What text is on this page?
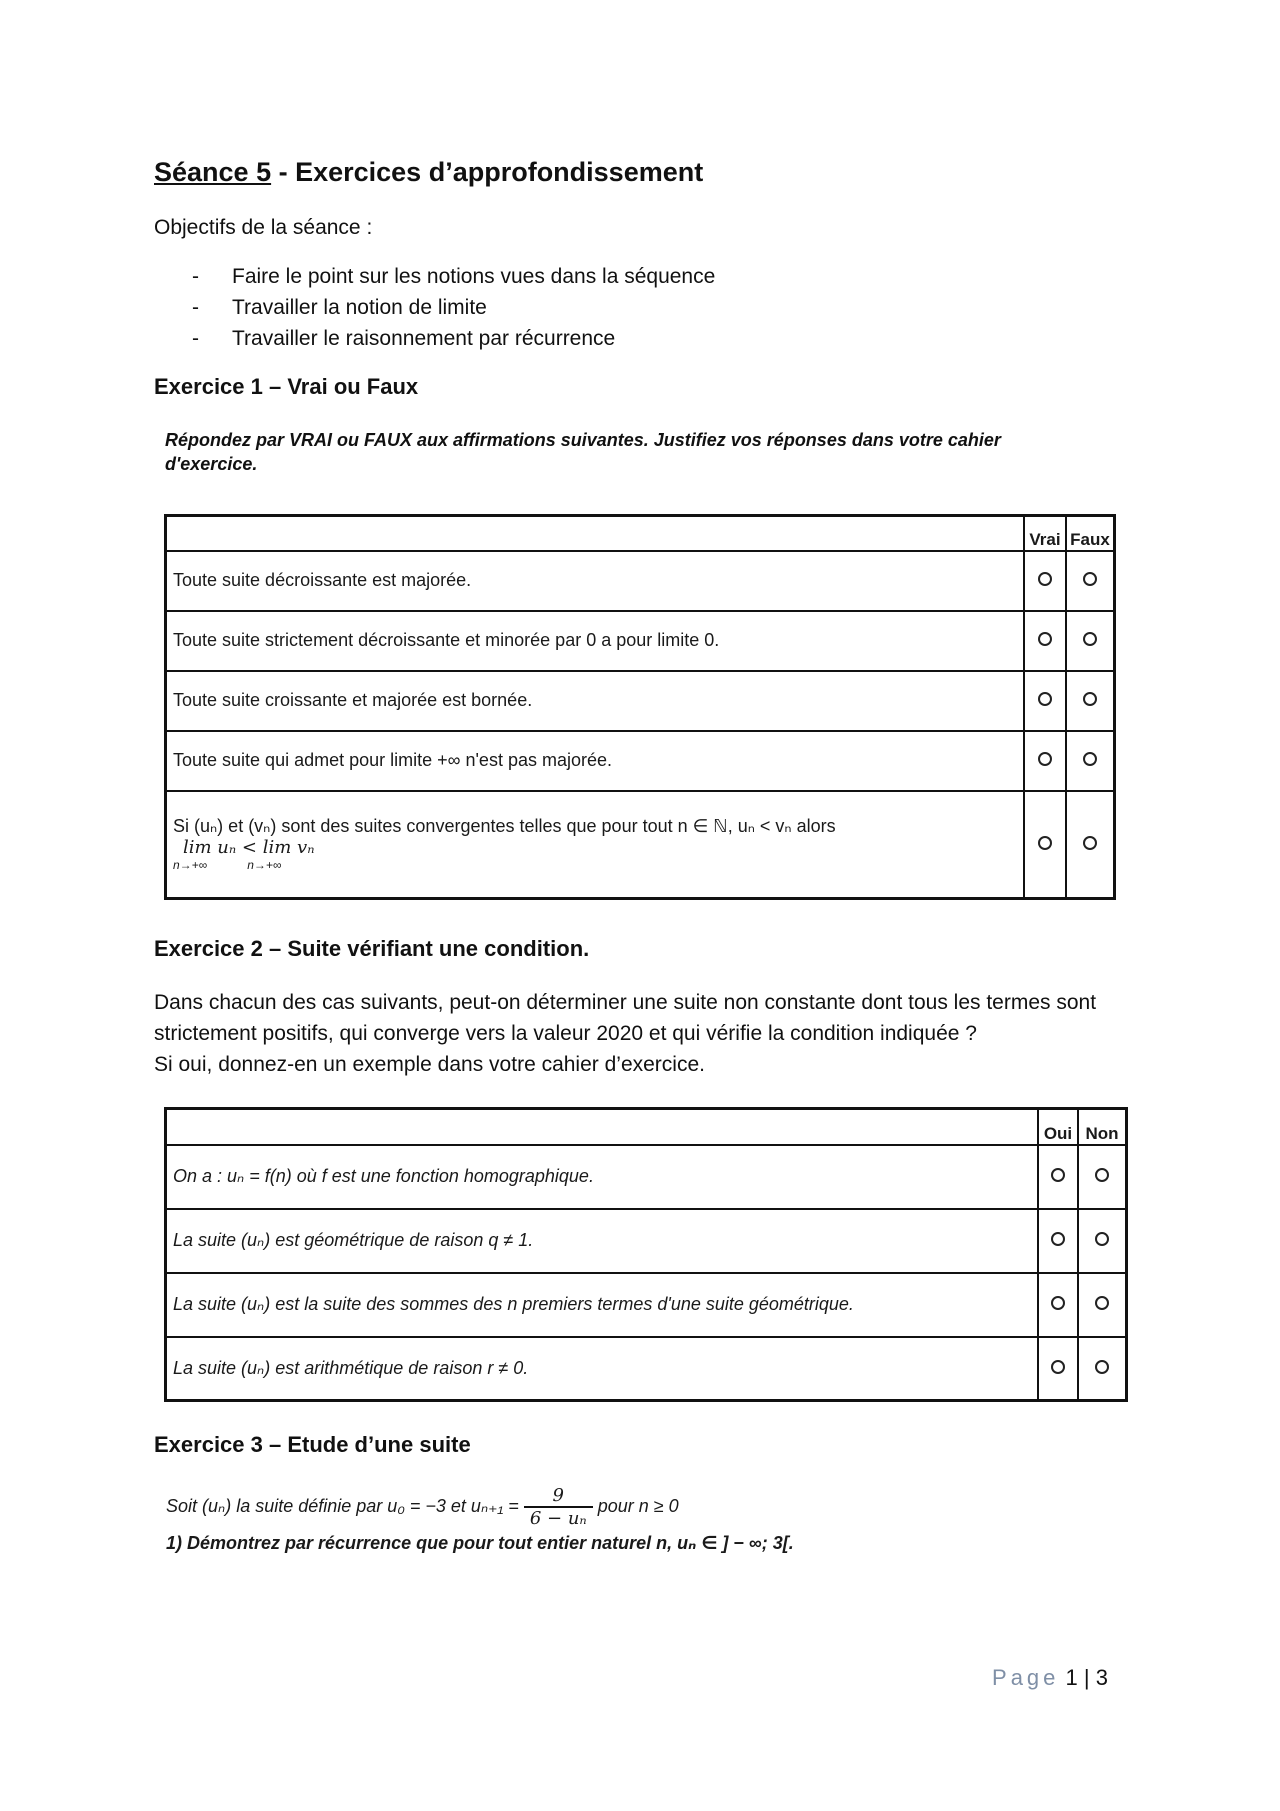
Séance 5 - Exercices d’approfondissement
Objectifs de la séance :
- Faire le point sur les notions vues dans la séquence
- Travailler la notion de limite
- Travailler le raisonnement par récurrence
Exercice 1 – Vrai ou Faux
Répondez par VRAI ou FAUX aux affirmations suivantes. Justifiez vos réponses dans votre cahier d'exercice.
	Vrai	Faux
Toute suite décroissante est majorée.		
Toute suite strictement décroissante et minorée par 0 a pour limite 0.		
Toute suite croissante et majorée est bornée.		
Toute suite qui admet pour limite +∞ n'est pas majorée.		

Si (uₙ) et (vₙ) sont des suites convergentes telles que pour tout n ∈ ℕ, uₙ < vₙ alors
lim uₙ < lim vₙ
n→+∞            n→+∞		

Exercice 2 – Suite vérifiant une condition.
Dans chacun des cas suivants, peut-on déterminer une suite non constante dont tous les termes sont
strictement positifs, qui converge vers la valeur 2020 et qui vérifie la condition indiquée ?
Si oui, donnez-en un exemple dans votre cahier d’exercice.
	Oui	Non
On a : uₙ = f(n) où f est une fonction homographique.		
La suite (uₙ) est géométrique de raison q ≠ 1.		
La suite (uₙ) est la suite des sommes des n premiers termes d'une suite géométrique.		
La suite (uₙ) est arithmétique de raison r ≠ 0.		
Exercice 3 – Etude d’une suite
Soit (uₙ) la suite définie par u₀ = −3 et $u_{n+1} = \frac{9}{\text{6 − uₙ}}$ pour n ≥ 0
1) Démontrez par récurrence que pour tout entier naturel n, uₙ ∈ ] − ∞; 3[.
Page 1 | 3
